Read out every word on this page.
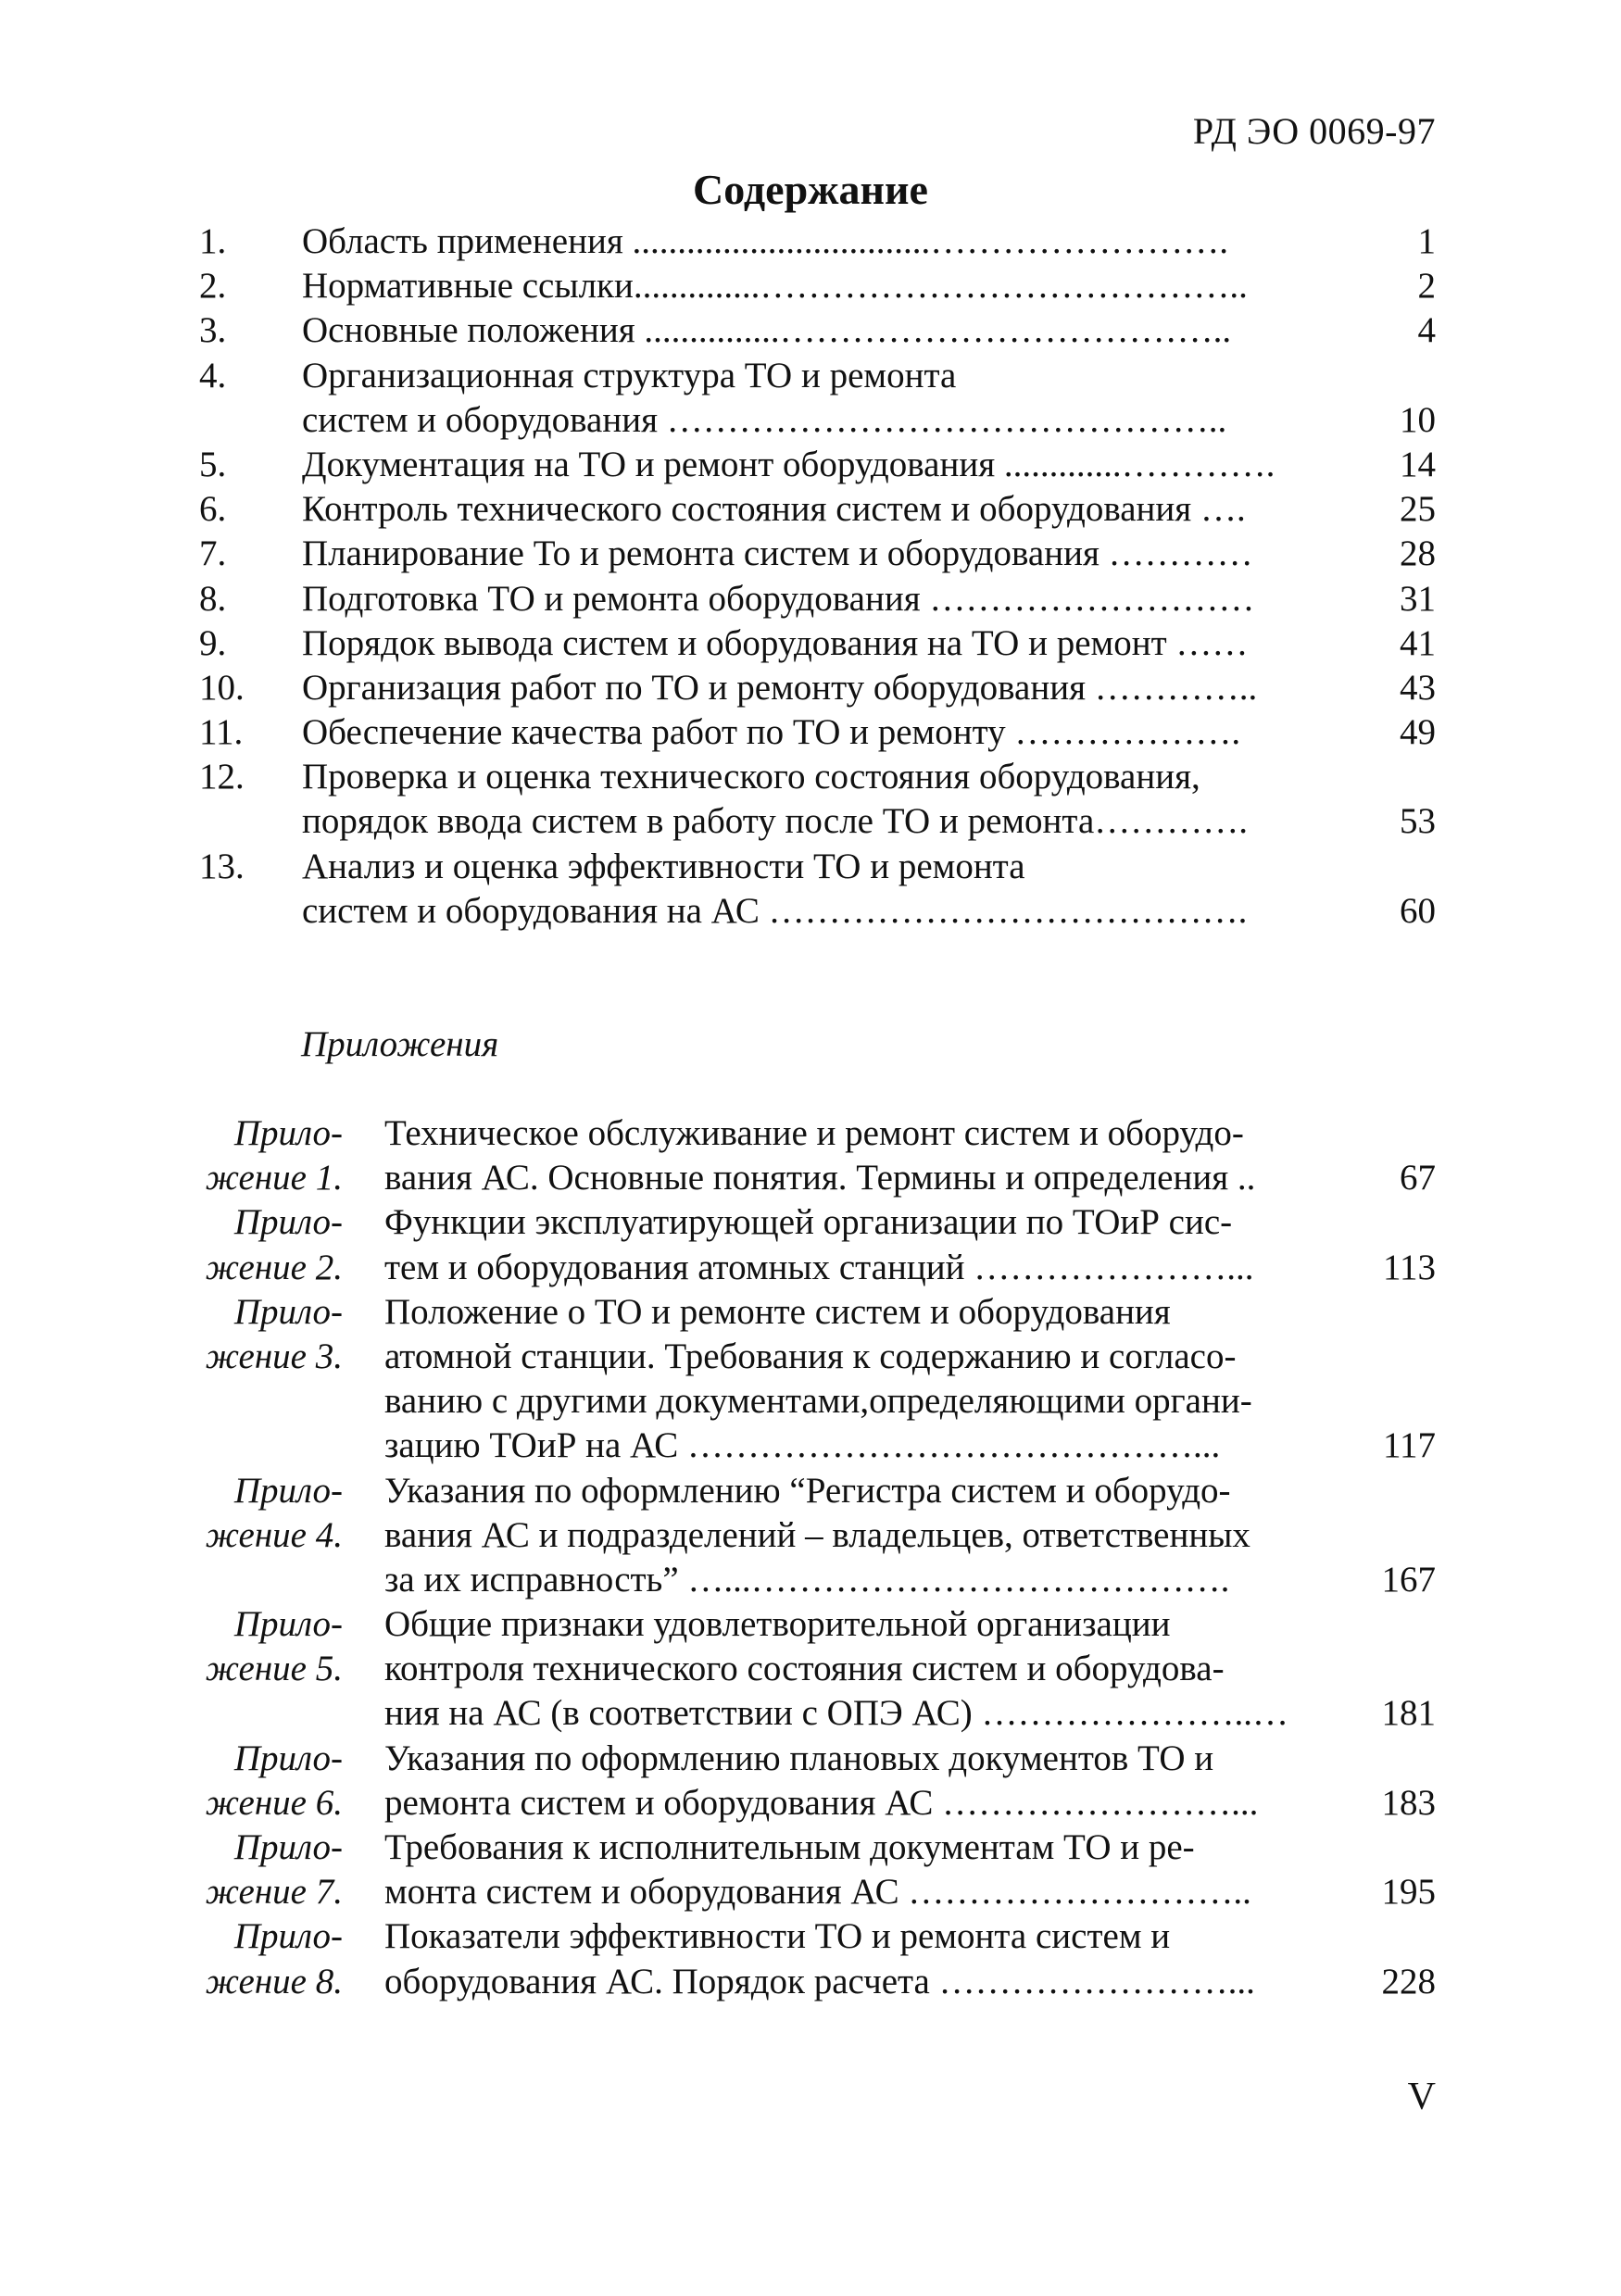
РД ЭО 0069-97
Содержание
1.	Область применения .................................…………………….	1
2.	Нормативные ссылки..............…………………………………..	2
3.	Основные положения ...............………………………………..	4
4.	Организационная структура ТО и ремонта
систем и оборудования ………………………………………..	10
5.	Документация на ТО и ремонт оборудования .............………….	14
6.	Контроль технического состояния систем и оборудования ….	25
7.	Планирование То и ремонта систем и оборудования …………	28
8.	Подготовка ТО и ремонта оборудования ………………………	31
9.	Порядок вывода систем и оборудования на ТО и ремонт ……	41
10.	Организация работ по ТО и ремонту оборудования …………..	43
11.	Обеспечение качества работ по ТО и ремонту ……………….	49
12.	Проверка и оценка технического состояния оборудования,
порядок ввода систем в работу после ТО и ремонта………….	53
13.	Анализ и оценка эффективности ТО и ремонта
систем и оборудования на АС ………………………………….	60
Приложения
Прило- Техническое обслуживание и ремонт систем и оборудо-
жение 1. вания АС. Основные понятия. Термины и определения ..	67
Прило- Функции эксплуатирующей организации по ТОиР сис-
жение 2. тем и оборудования атомных станций …………………...	113
Прило- Положение о ТО и ремонте систем и оборудования
жение 3. атомной станции. Требования к содержанию и согласо-
ванию с другими документами,определяющими органи-
зацию ТОиР на АС ……………………………………...	117
Прило- Указания по оформлению “Регистра систем и оборудо-
жение 4. вания АС и подразделений – владельцев, ответственных
за их исправность” …...………………………………….	167
Прило- Общие признаки удовлетворительной организации
жение 5. контроля технического состояния систем и оборудова-
ния на АС (в соответствии с ОПЭ АС) …………………..…	181
Прило- Указания по оформлению плановых документов ТО и
жение 6. ремонта систем и оборудования АС ……………………...	183
Прило- Требования к исполнительным документам ТО и ре-
жение 7. монта систем и оборудования АС ………………………..	195
Прило- Показатели эффективности ТО и ремонта систем и
жение 8. оборудования АС. Порядок расчета ……………………...	228
V
